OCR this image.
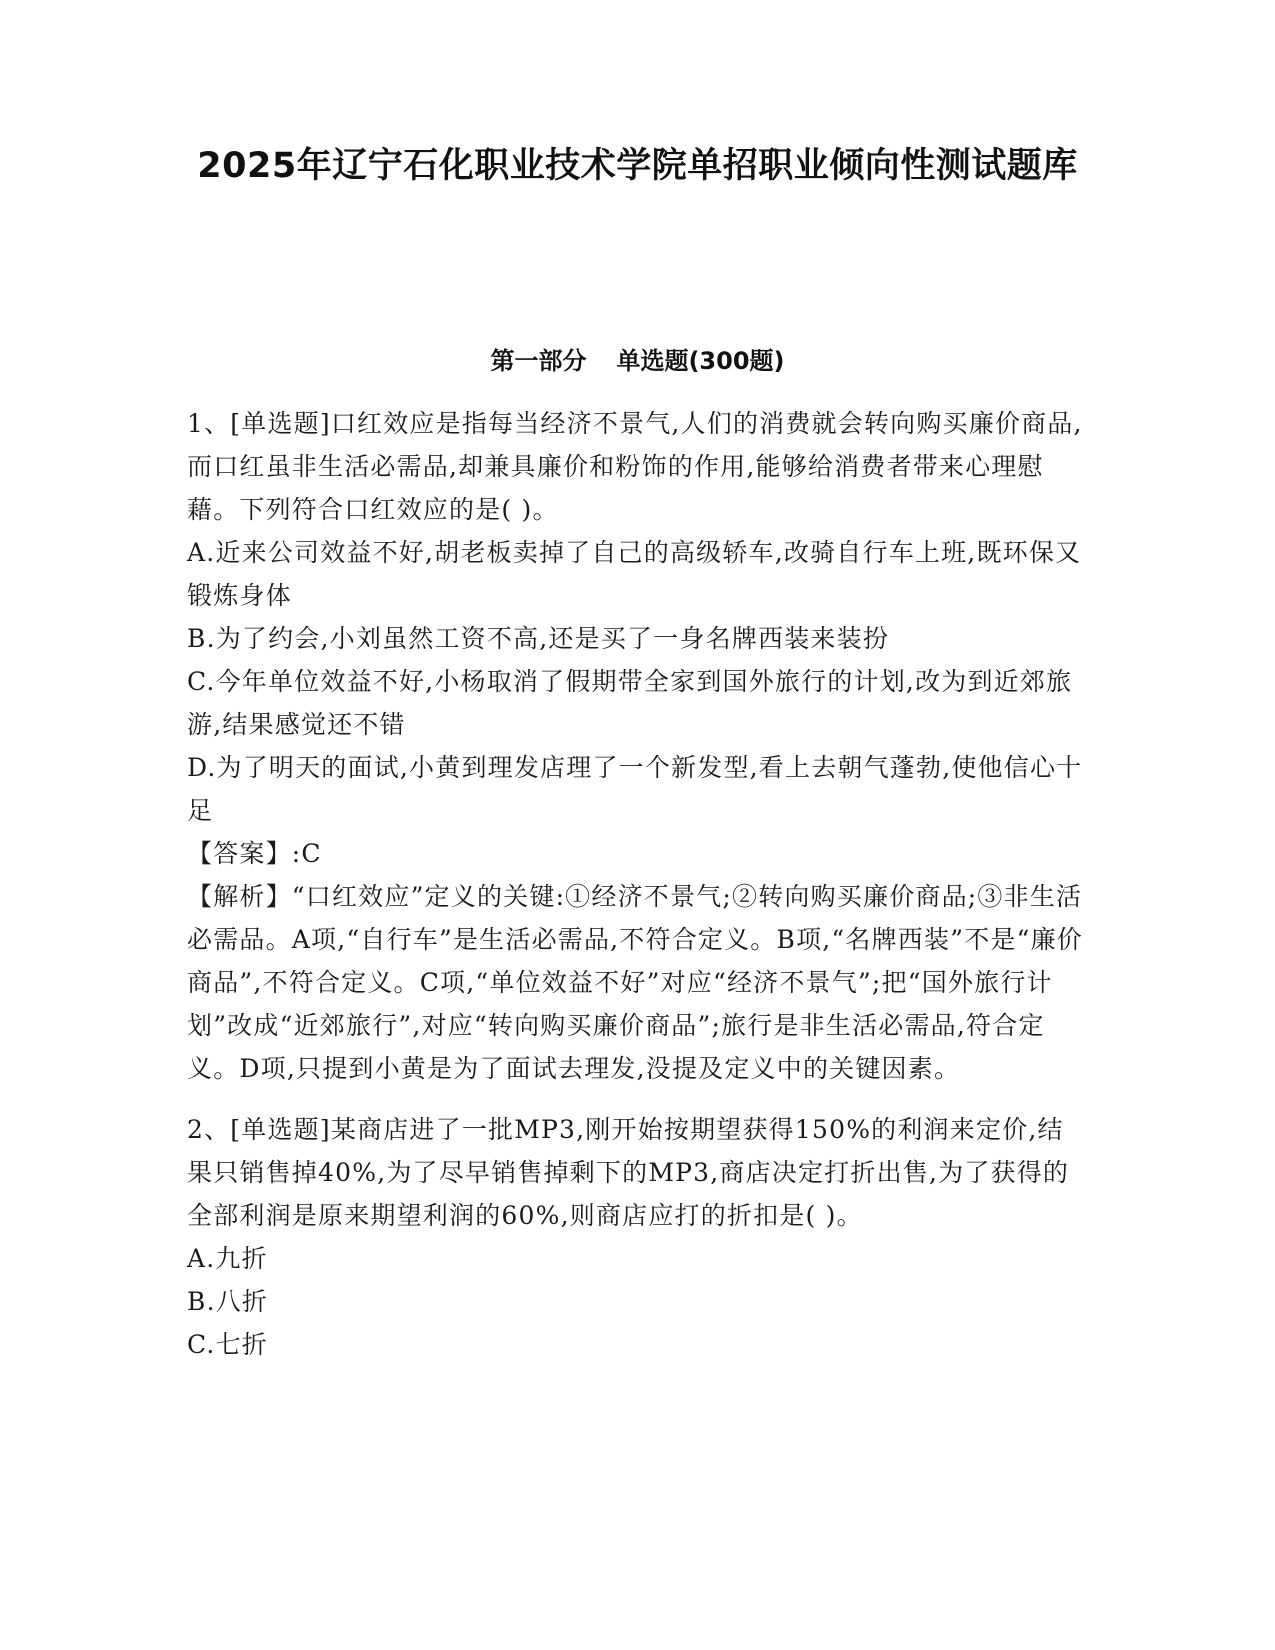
2025年辽宁石化职业技术学院单招职业倾向性测试题库
第一部分 单选题(300题)

1、[单选题]口红效应是指每当经济不景气,人们的消费就会转向购买廉价商品,而口红虽非生活必需品,却兼具廉价和粉饰的作用,能够给消费者带来心理慰藉。下列符合口红效应的是( )。

A.近来公司效益不好,胡老板卖掉了自己的高级轿车,改骑自行车上班,既环保又锻炼身体

B.为了约会,小刘虽然工资不高,还是买了一身名牌西装来装扮

C.今年单位效益不好,小杨取消了假期带全家到国外旅行的计划,改为到近郊旅游,结果感觉还不错

D.为了明天的面试,小黄到理发店理了一个新发型,看上去朝气蓬勃,使他信心十足

【答案】:C

【解析】“口红效应”定义的关键:①经济不景气;②转向购买廉价商品;③非生活必需品。A项,“自行车”是生活必需品,不符合定义。B项,“名牌西装”不是“廉价商品”,不符合定义。C项,“单位效益不好”对应“经济不景气”;把“国外旅行计划”改成“近郊旅行”,对应“转向购买廉价商品”;旅行是非生活必需品,符合定义。D项,只提到小黄是为了面试去理发,没提及定义中的关键因素。

2、[单选题]某商店进了一批MP3,刚开始按期望获得150%的利润来定价,结果只销售掉40%,为了尽早销售掉剩下的MP3,商店决定打折出售,为了获得的全部利润是原来期望利润的60%,则商店应打的折扣是( )。

A.九折

B.八折

C.七折
